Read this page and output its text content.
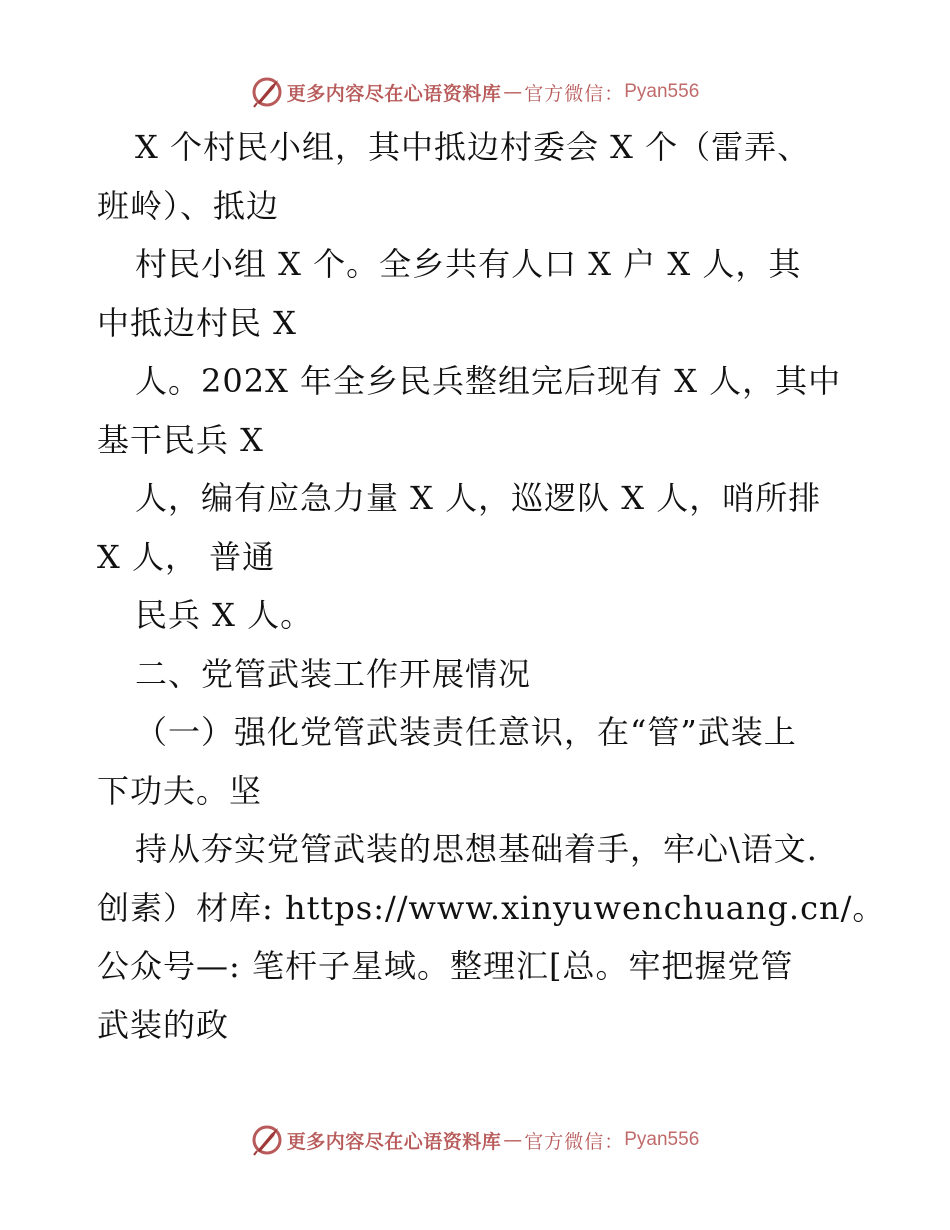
更多内容尽在心语资料库 — 官方微信： Pyan556
X 个村民小组，其中抵边村委会 X 个（雷弄、
班岭）、抵边
村民小组 X 个。全乡共有人口 X 户 X 人，其
中抵边村民 X
人。202X 年全乡民兵整组完后现有 X 人，其中
基干民兵 X
人，编有应急力量 X 人，巡逻队 X 人，哨所排
X 人， 普通
民兵 X 人。
二、党管武装工作开展情况
（一）强化党管武装责任意识，在“管”武装上
下功夫。坚
持从夯实党管武装的思想基础着手，牢心\语文.
创素）材库: https://www.xinyuwenchuang.cn/。
公众号—: 笔杆子星域。整理汇[总。牢把握党管
武装的政
更多内容尽在心语资料库 — 官方微信： Pyan556
